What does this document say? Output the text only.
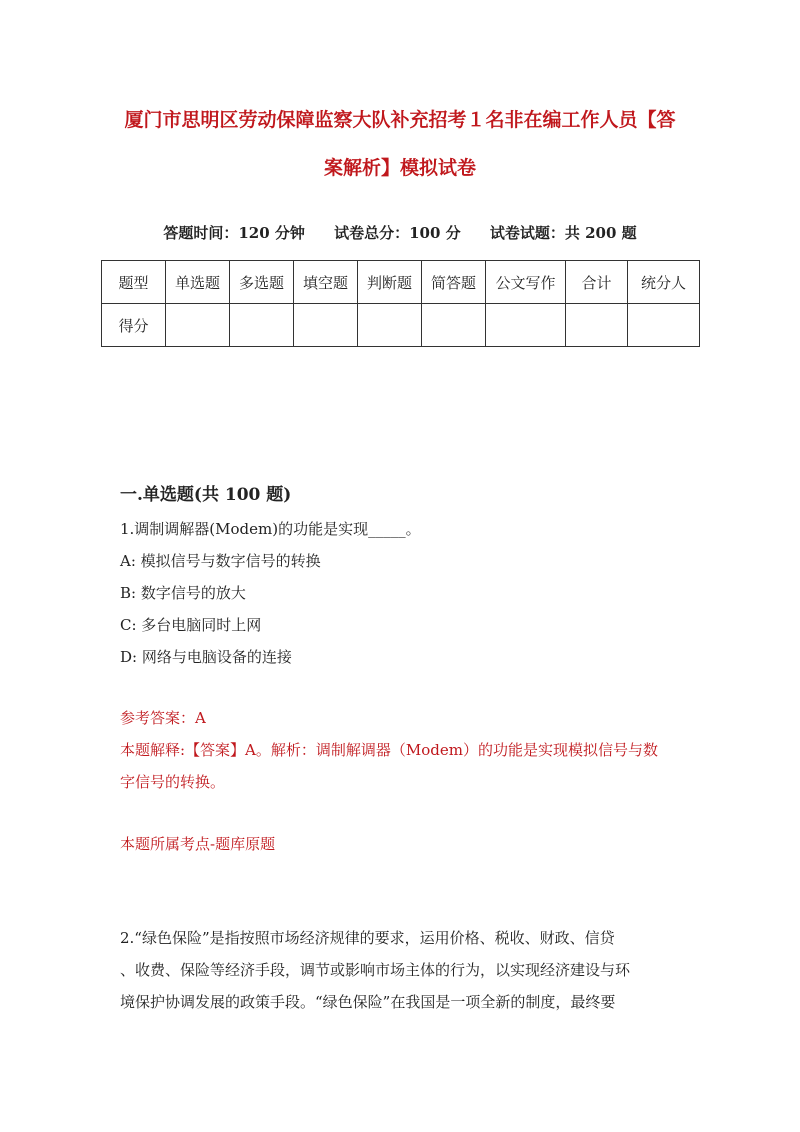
厦门市思明区劳动保障监察大队补充招考１名非在编工作人员【答
案解析】模拟试卷
答题时间：120 分钟 试卷总分：100 分 试卷试题：共 200 题
题型	单选题	多选题	填空题	判断题	简答题	公文写作	合计	统分人
得分								
一.单选题(共 100 题)
1.调制调解器(Modem)的功能是实现_____。
A: 模拟信号与数字信号的转换
B: 数字信号的放大
C: 多台电脑同时上网
D: 网络与电脑设备的连接
参考答案：A
本题解释:【答案】A。解析：调制解调器（Modem）的功能是实现模拟信号与数
字信号的转换。
本题所属考点-题库原题
2.“绿色保险”是指按照市场经济规律的要求，运用价格、税收、财政、信贷
、收费、保险等经济手段，调节或影响市场主体的行为，以实现经济建设与环
境保护协调发展的政策手段。“绿色保险”在我国是一项全新的制度，最终要
